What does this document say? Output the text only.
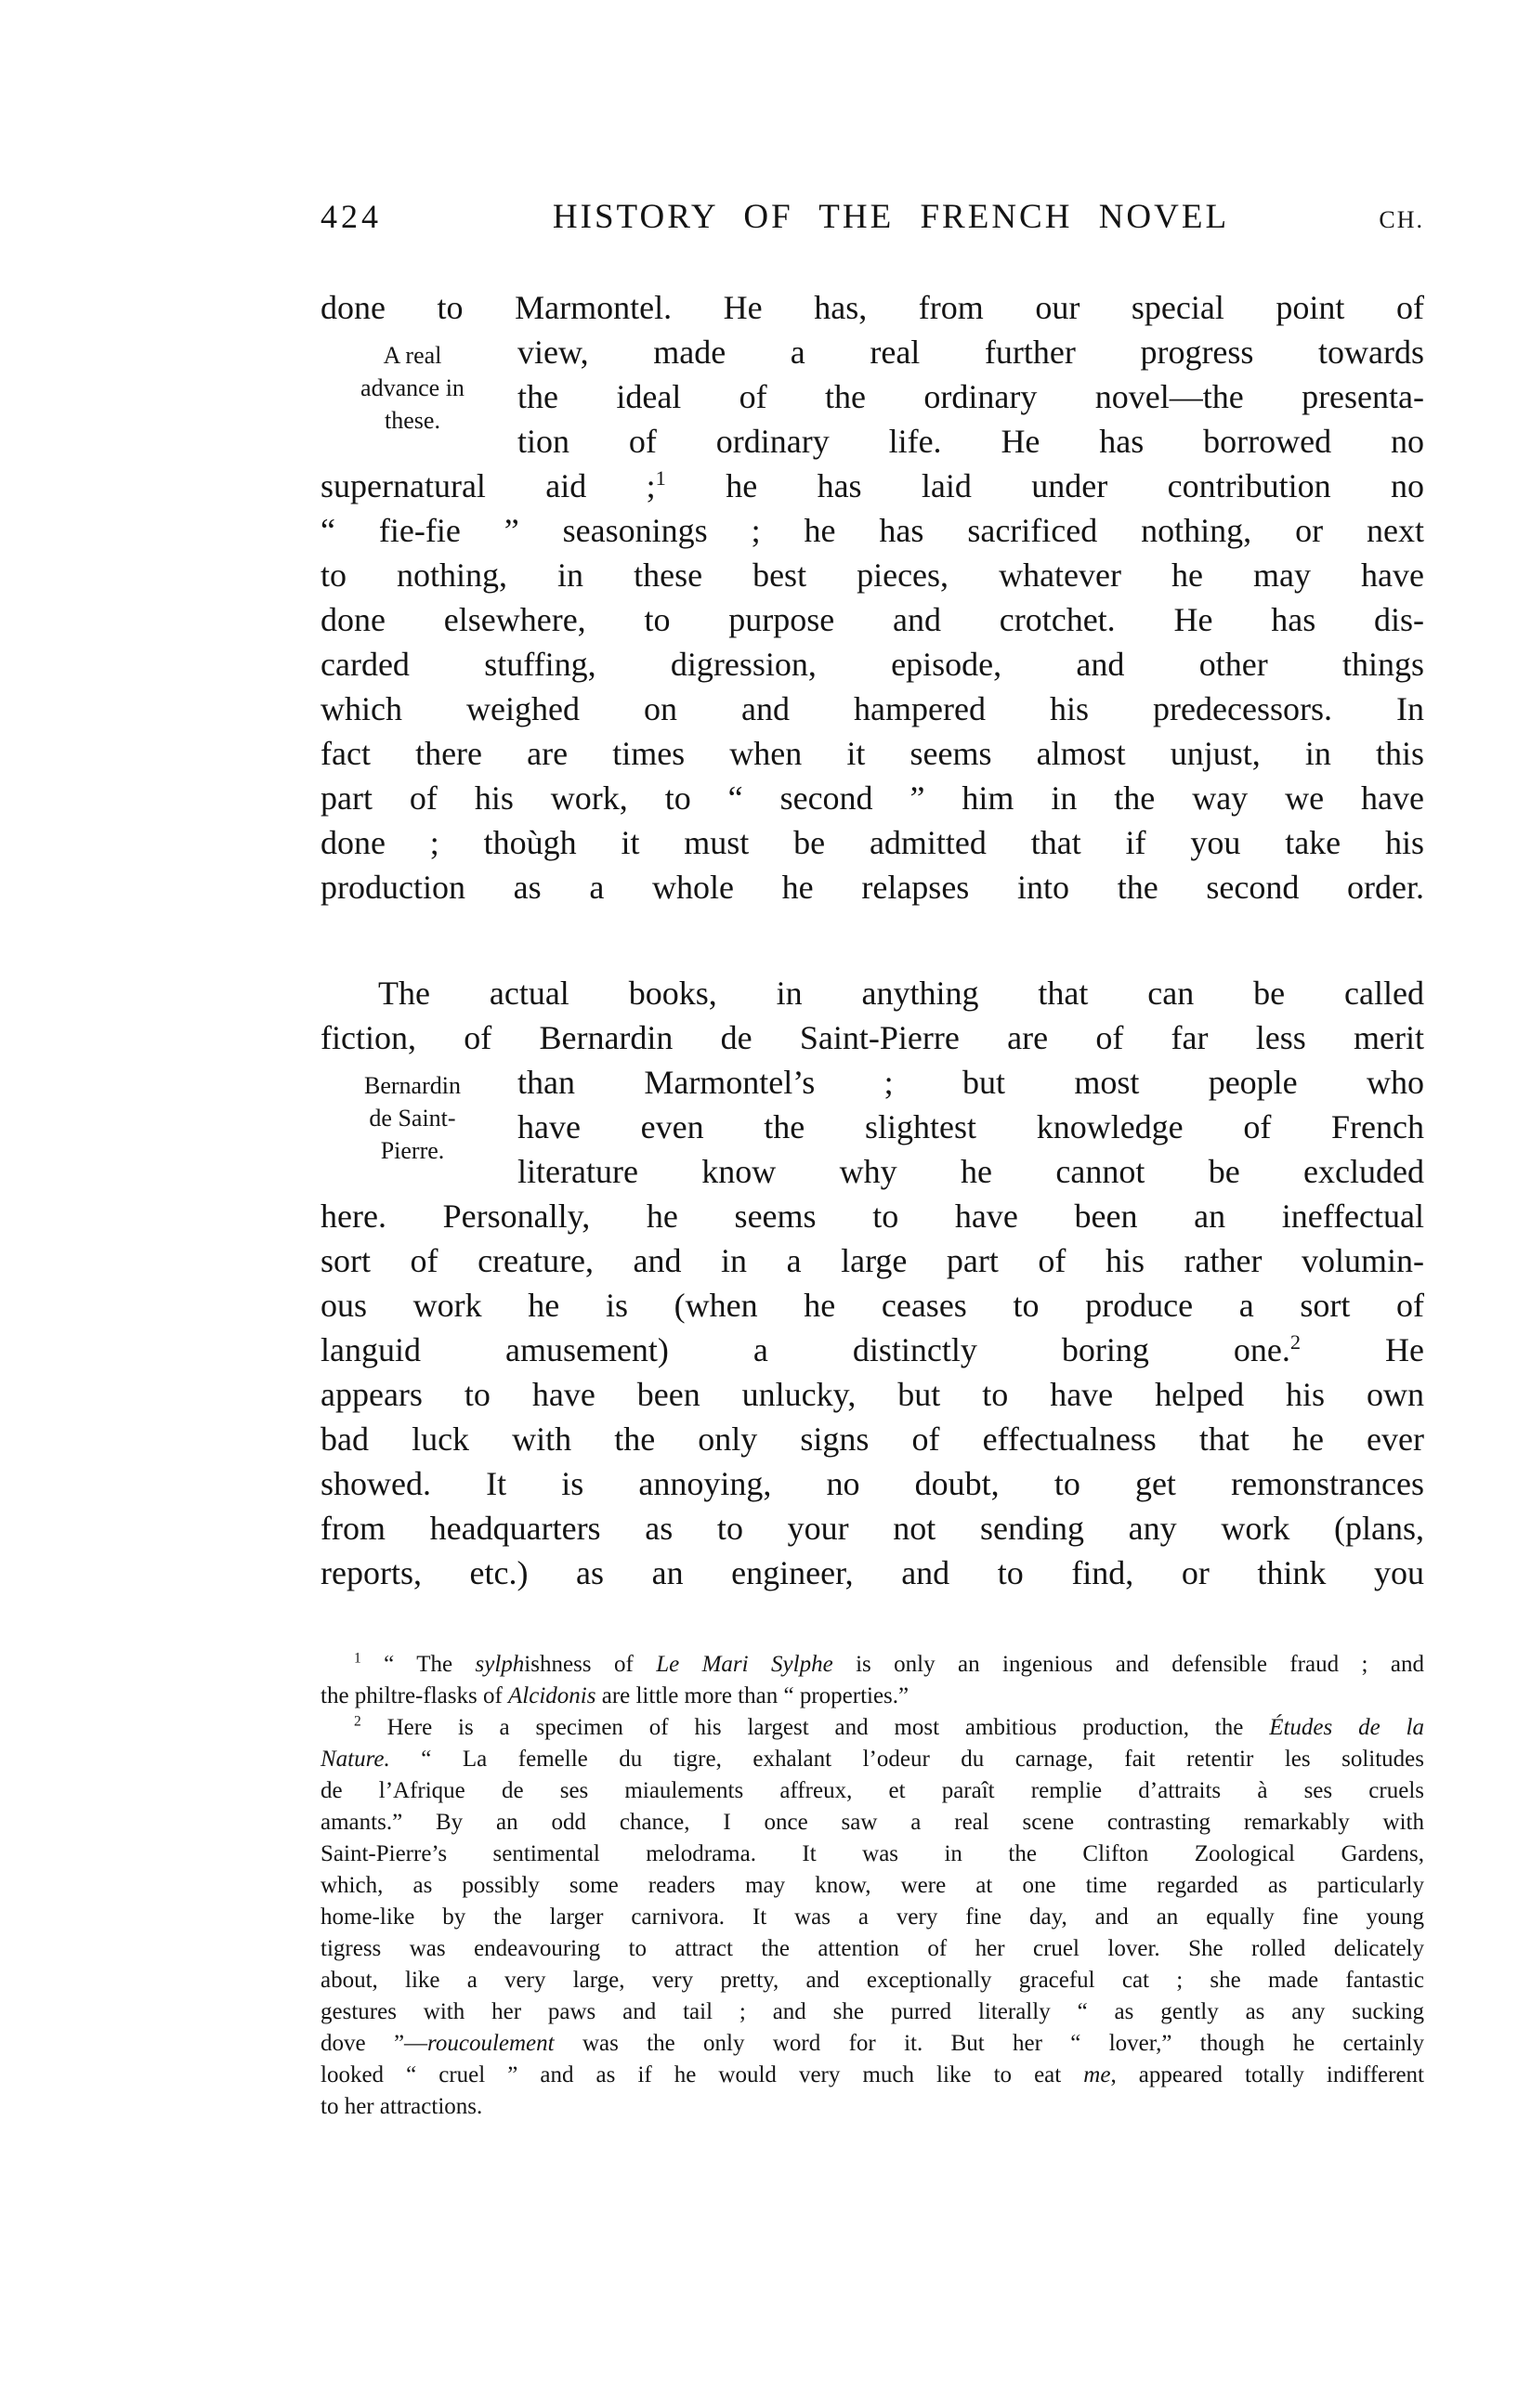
424	HISTORY OF THE FRENCH NOVEL	CH.
done to Marmontel. He has, from our special point of
A real
advance in
these.
view, made a real further progress towards
the ideal of the ordinary novel—the presenta-
tion of ordinary life. He has borrowed no
supernatural aid ;$^1$ he has laid under contribution no
“ fie-fie ” seasonings ; he has sacrificed nothing, or next
to nothing, in these best pieces, whatever he may have
done elsewhere, to purpose and crotchet. He has dis-
carded stuffing, digression, episode, and other things
which weighed on and hampered his predecessors. In
fact there are times when it seems almost unjust, in this
part of his work, to “ second ” him in the way we have
done ; thoùgh it must be admitted that if you take his
production as a whole he relapses into the second order.
The actual books, in anything that can be called
fiction, of Bernardin de Saint-Pierre are of far less merit
Bernardin
de Saint-
Pierre.
than Marmontel’s ; but most people who
have even the slightest knowledge of French
literature know why he cannot be excluded
here. Personally, he seems to have been an ineffectual
sort of creature, and in a large part of his rather volumin-
ous work he is (when he ceases to produce a sort of
languid amusement) a distinctly boring one.$^2$ He
appears to have been unlucky, but to have helped his own
bad luck with the only signs of effectualness that he ever
showed. It is annoying, no doubt, to get remonstrances
from headquarters as to your not sending any work (plans,
reports, etc.) as an engineer, and to find, or think you
$^1$ “ The sylphishness of Le Mari Sylphe is only an ingenious and defensible fraud ; and
the philtre-flasks of Alcidonis are little more than “ properties.”
$^2$ Here is a specimen of his largest and most ambitious production, the Études de la
Nature. “ La femelle du tigre, exhalant l’odeur du carnage, fait retentir les solitudes
de l’Afrique de ses miaulements affreux, et paraît remplie d’attraits à ses cruels
amants.” By an odd chance, I once saw a real scene contrasting remarkably with
Saint-Pierre’s sentimental melodrama. It was in the Clifton Zoological Gardens,
which, as possibly some readers may know, were at one time regarded as particularly
home-like by the larger carnivora. It was a very fine day, and an equally fine young
tigress was endeavouring to attract the attention of her cruel lover. She rolled delicately
about, like a very large, very pretty, and exceptionally graceful cat ; she made fantastic
gestures with her paws and tail ; and she purred literally “ as gently as any sucking
dove ”—roucoulement was the only word for it. But her “ lover,” though he certainly
looked “ cruel ” and as if he would very much like to eat me, appeared totally indifferent
to her attractions.
